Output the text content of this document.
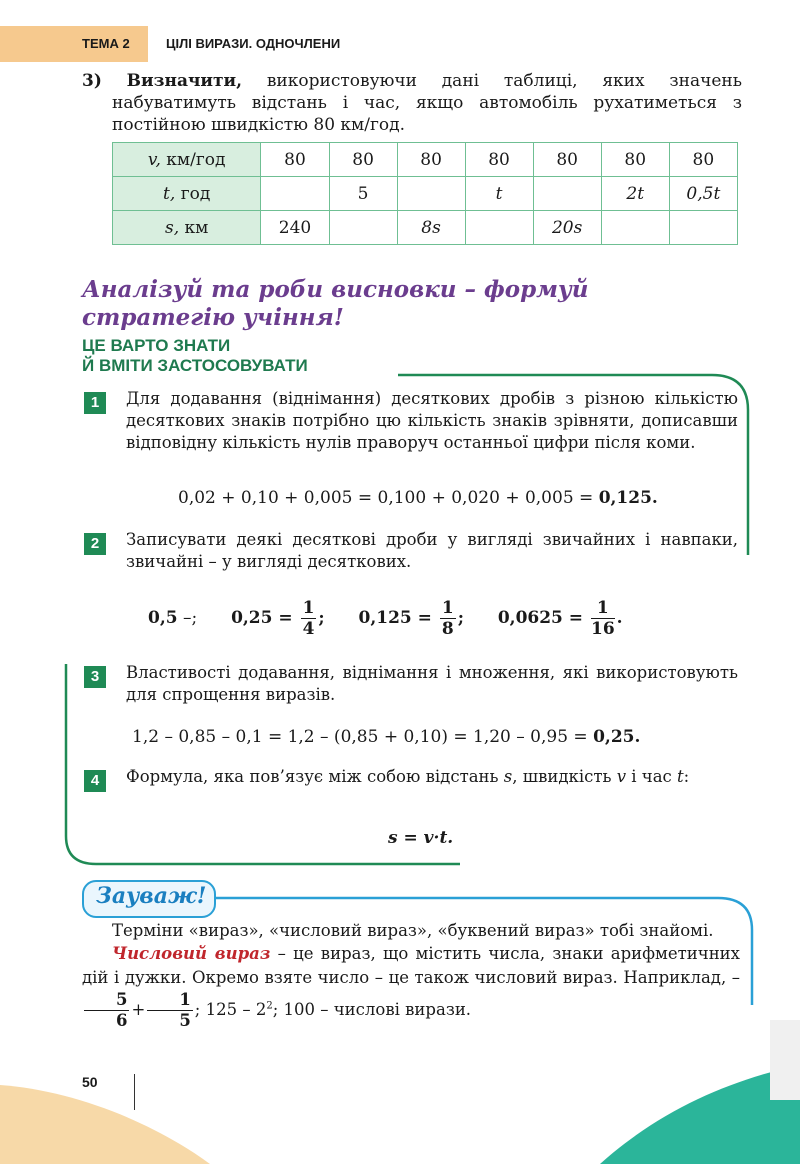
ТЕМА 2	ЦІЛІ ВИРАЗИ. ОДНОЧЛЕНИ
3) Визначити, використовуючи дані таблиці, яких значень набуватимуть відстань і час, якщо автомобіль рухатиметься з постійною швидкістю 80 км/год.
v, км/год	80	80	80	80	80	80	80
t, год		5		t		2t	0,5t
s, км	240		8s		20s		
Аналізуй та роби висновки – формуй стратегію учіння!
ЦЕ ВАРТО ЗНАТИ
Й ВМІТИ ЗАСТОСОВУВАТИ
1	Для додавання (віднімання) десяткових дробів з різною кількістю десяткових знаків потрібно цю кількість знаків зрівняти, дописавши відповідну кількість нулів праворуч останньої цифри після коми.
0,02 + 0,10 + 0,005 = 0,100 + 0,020 + 0,005 = 0,125.
2	Записувати деякі десяткові дроби у вигляді звичайних і навпаки, звичайні – у вигляді десяткових.
0,5 –; $0,25 = \frac{1}{4}$ ; $0,125 = \frac{1}{8}$ ; $0,0625 = \frac{1}{16}$ .
3	Властивості додавання, віднімання і множення, які використовують для спрощення виразів.
1,2 – 0,85 – 0,1 = 1,2 – (0,85 + 0,10) = 1,20 – 0,95 = 0,25.
4	Формула, яка пов’язує між собою відстань s, швидкість v і час t:
s = v·t.
Зауваж!
Терміни «вираз», «числовий вираз», «буквений вираз» тобі знайомі.
Числовий вираз – це вираз, що містить числа, знаки арифметичних дій і дужки. Окремо взяте число – це також числовий вираз. Наприклад, –
$\frac{5}{6} + \frac{1}{5}$ ; $125 - 2^2$; 100 – числові вирази.
50
